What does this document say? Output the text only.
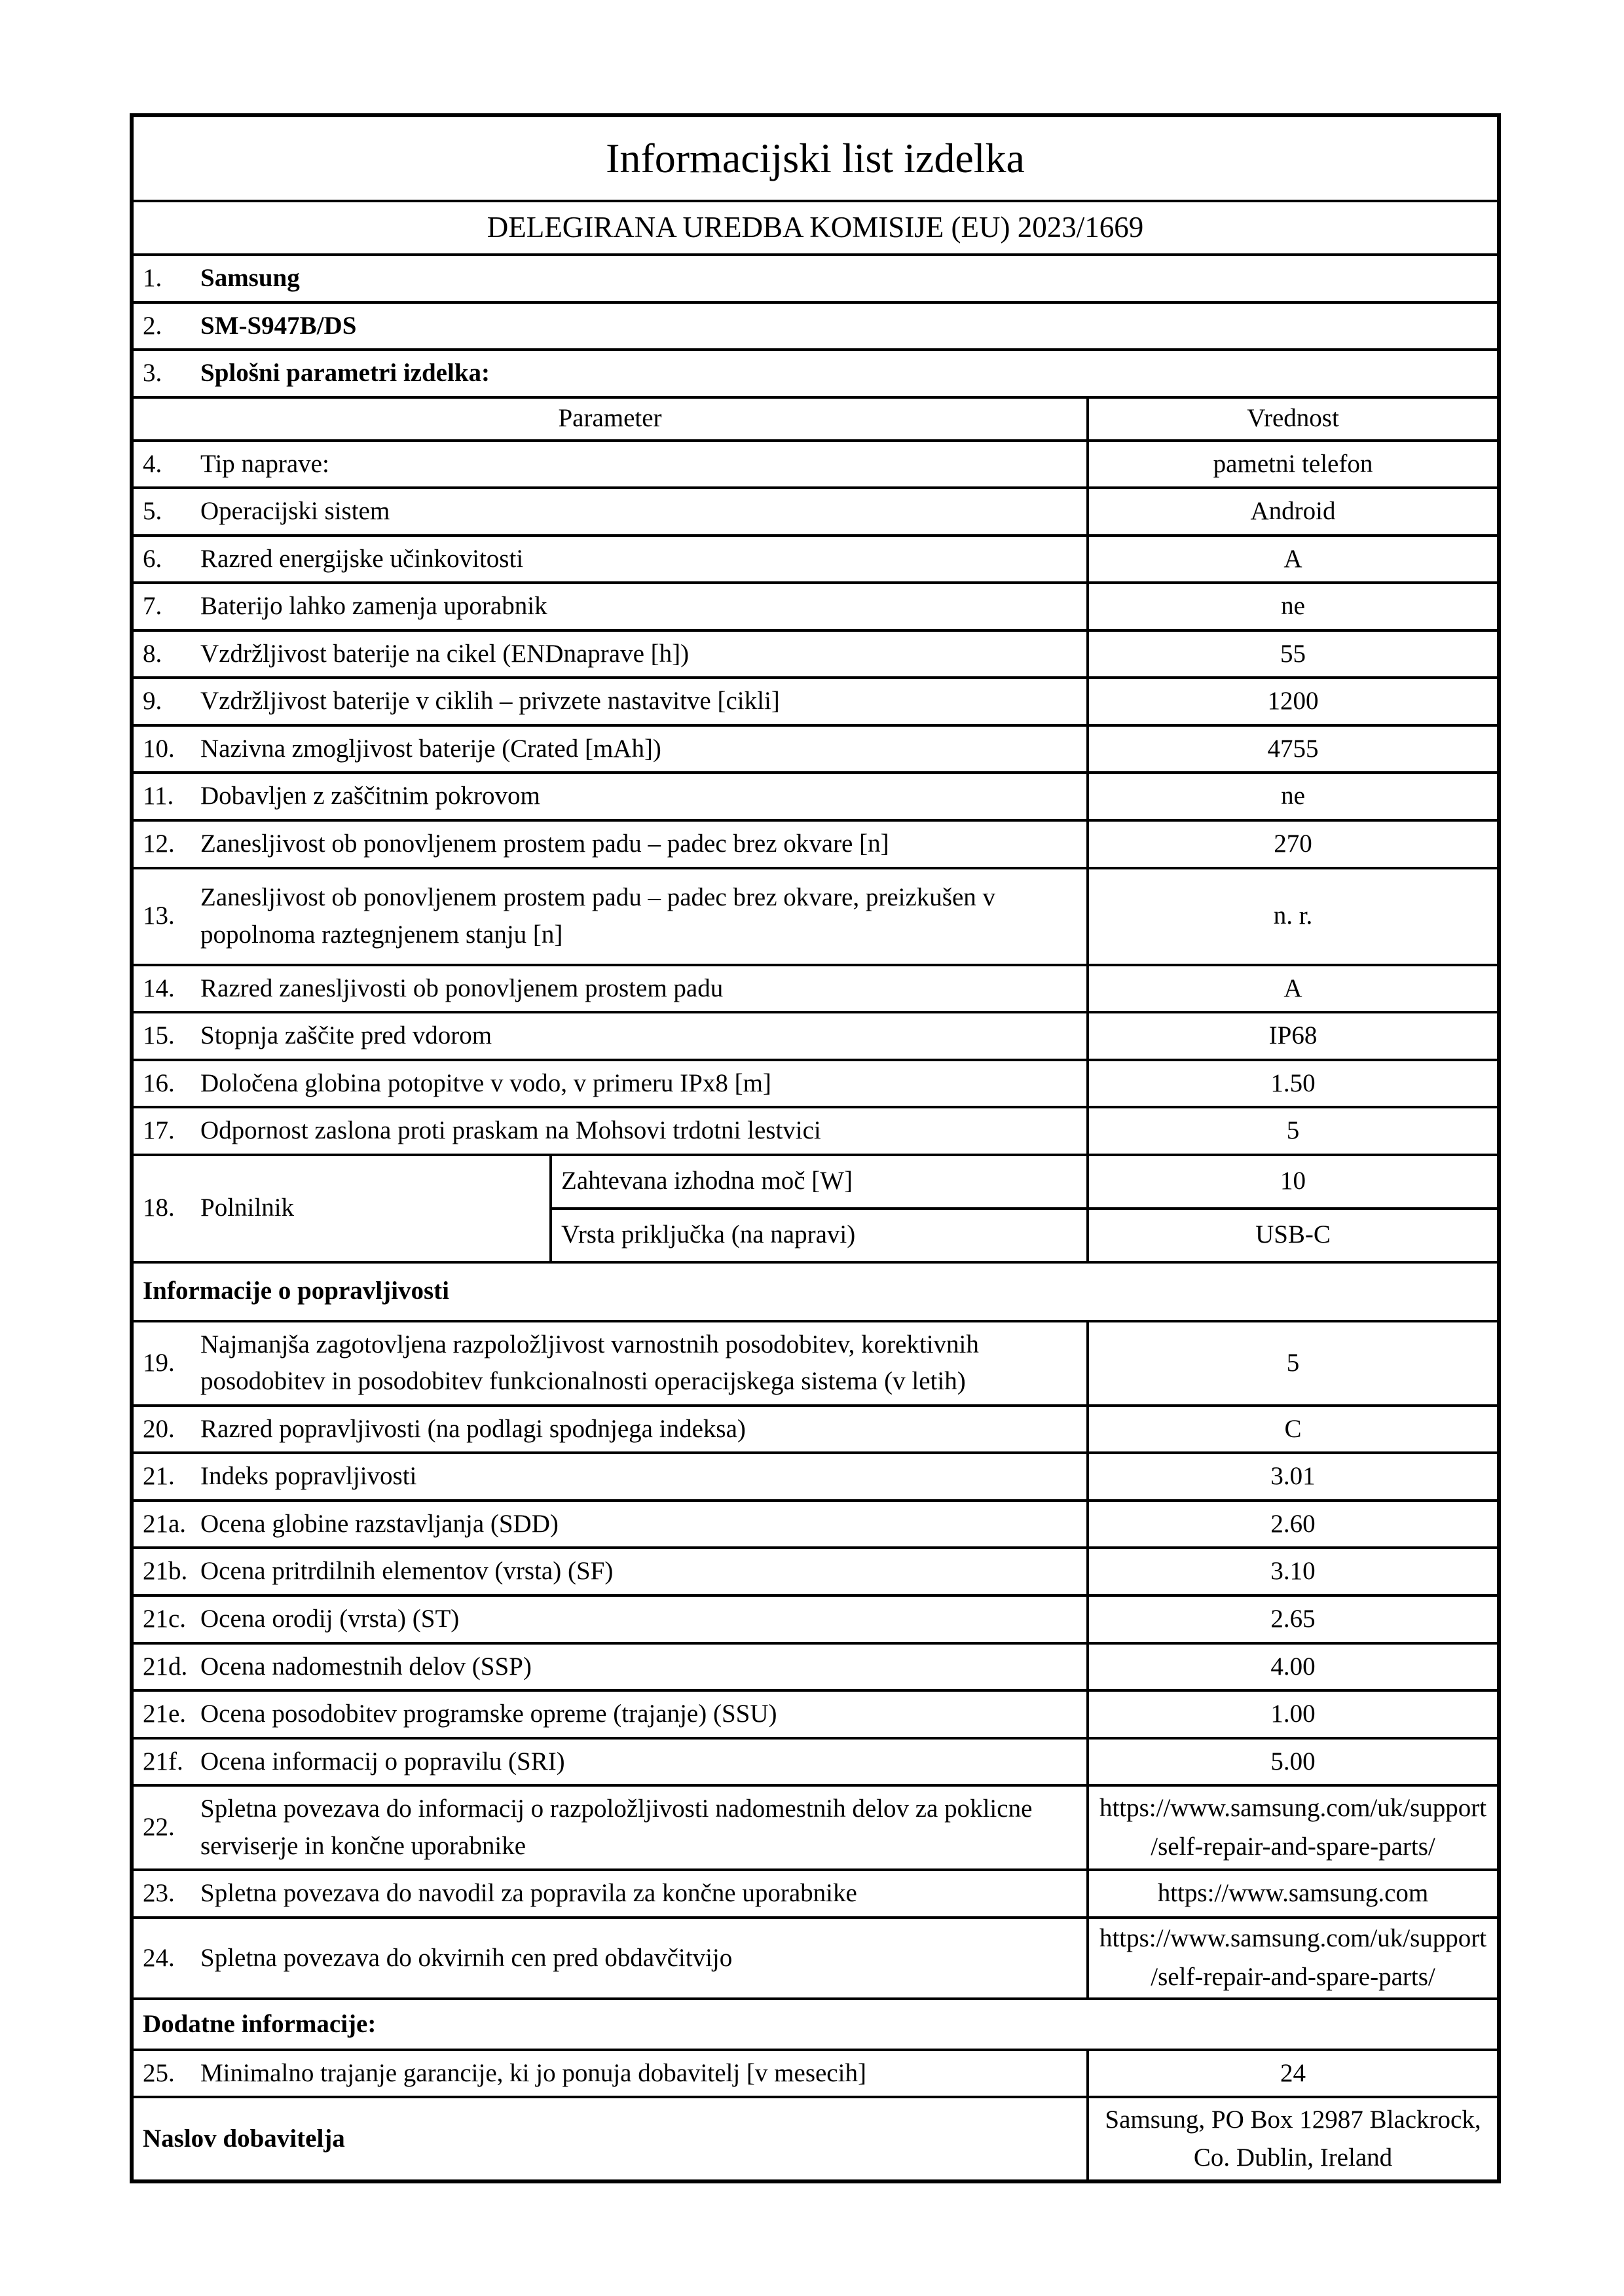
Informacijski list izdelka		
DELEGIRANA UREDBA KOMISIJE (EU) 2023/1669		

1. Samsung		

2. SM-S947B/DS		

3. Splošni parametri izdelka:		

Parameter		Vrednost

4. Tip naprave:		pametni telefon

5. Operacijski sistem		Android

6. Razred energijske učinkovitosti		A

7. Baterijo lahko zamenja uporabnik		ne

8. Vzdržljivost baterije na cikel (ENDnaprave [h])		55

9. Vzdržljivost baterije v ciklih – privzete nastavitve [cikli]		1200

10. Nazivna zmogljivost baterije (Crated [mAh])		4755

11. Dobavljen z zaščitnim pokrovom		ne

12. Zanesljivost ob ponovljenem prostem padu – padec brez okvare [n]		270

13.
Zanesljivost ob ponovljenem prostem padu – padec brez okvare, preizkušen v popolnoma raztegnjenem stanju [n]		n. r.

14. Razred zanesljivosti ob ponovljenem prostem padu		A

15. Stopnja zaščite pred vdorom		IP68

16. Določena globina potopitve v vodo, v primeru IPx8 [m]		1.50

17. Odpornost zaslona proti praskam na Mohsovi trdotni lestvici		5

18. Polnilnik	Zahtevana izhodna moč [W]	10
	Vrsta priključka (na napravi)	USB-C
Informacije o popravljivosti		

19.
Najmanjša zagotovljena razpoložljivost varnostnih posodobitev, korektivnih posodobitev in posodobitev funkcionalnosti operacijskega sistema (v letih)		5

20. Razred popravljivosti (na podlagi spodnjega indeksa)		C

21. Indeks popravljivosti		3.01

21a. Ocena globine razstavljanja (SDD)		2.60

21b. Ocena pritrdilnih elementov (vrsta) (SF)		3.10

21c. Ocena orodij (vrsta) (ST)		2.65

21d. Ocena nadomestnih delov (SSP)		4.00

21e. Ocena posodobitev programske opreme (trajanje) (SSU)		1.00

21f. Ocena informacij o popravilu (SRI)		5.00

22.
Spletna povezava do informacij o razpoložljivosti nadomestnih delov za poklicne serviserje in končne uporabnike

https://www.samsung.com/uk/support
/self-repair-and-spare-parts/

23. Spletna povezava do navodil za popravila za končne uporabnike		https://www.samsung.com

24.	Spletna povezava do okvirnih cen pred obdavčitvijo

https://www.samsung.com/uk/support
/self-repair-and-spare-parts/

Dodatne informacije:		

25. Minimalno trajanje garancije, ki jo ponuja dobavitelj [v mesecih]		24
Naslov dobavitelja		Samsung, PO Box 12987 Blackrock,
Co. Dublin, Ireland
